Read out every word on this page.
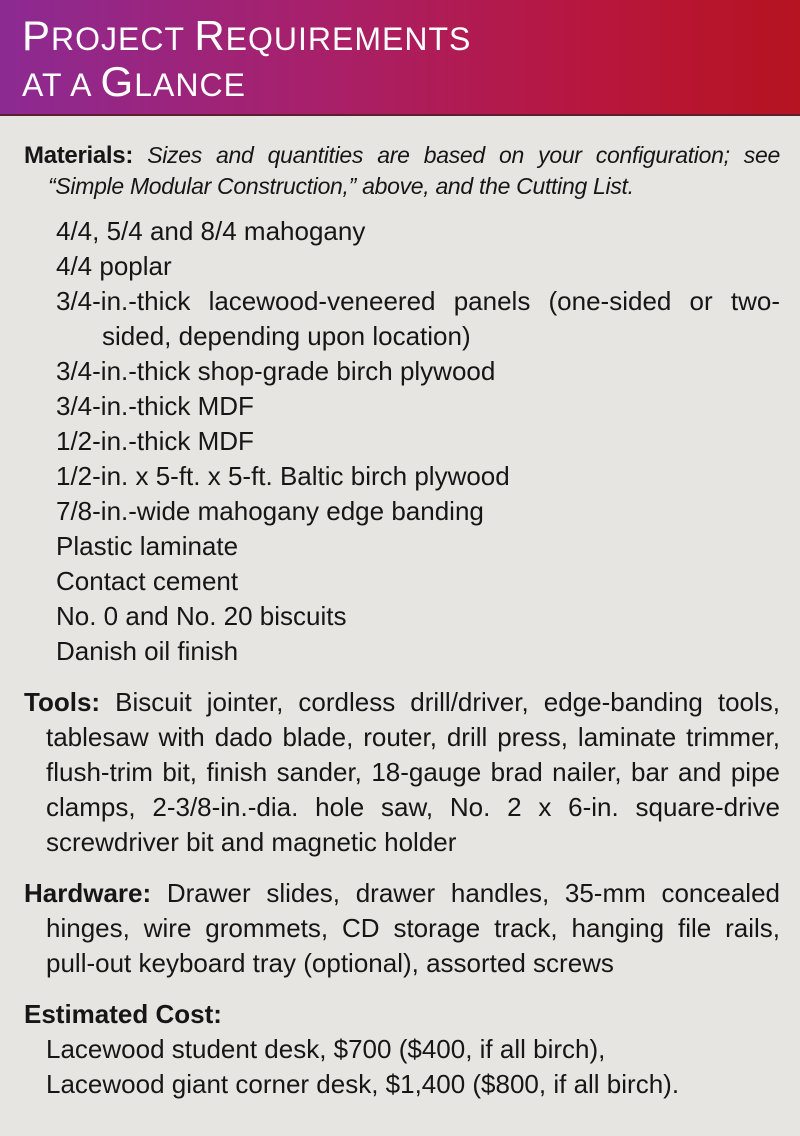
PROJECT REQUIREMENTS
AT A GLANCE
Materials: Sizes and quantities are based on your configuration; see “Simple Modular Construction,” above, and the Cutting List.
4/4, 5/4 and 8/4 mahogany
4/4 poplar
3/4-in.-thick lacewood-veneered panels (one-sided or two-sided, depending upon location)
3/4-in.-thick shop-grade birch plywood
3/4-in.-thick MDF
1/2-in.-thick MDF
1/2-in. x 5-ft. x 5-ft. Baltic birch plywood
7/8-in.-wide mahogany edge banding
Plastic laminate
Contact cement
No. 0 and No. 20 biscuits
Danish oil finish
Tools: Biscuit jointer, cordless drill/driver, edge-banding tools, tablesaw with dado blade, router, drill press, laminate trimmer, flush-trim bit, finish sander, 18-gauge brad nailer, bar and pipe clamps, 2-3/8-in.-dia. hole saw, No. 2 x 6-in. square-drive screwdriver bit and magnetic holder
Hardware: Drawer slides, drawer handles, 35-mm concealed hinges, wire grommets, CD storage track, hanging file rails, pull-out keyboard tray (optional), assorted screws
Estimated Cost:
Lacewood student desk, $700 ($400, if all birch),
Lacewood giant corner desk, $1,400 ($800, if all birch).
